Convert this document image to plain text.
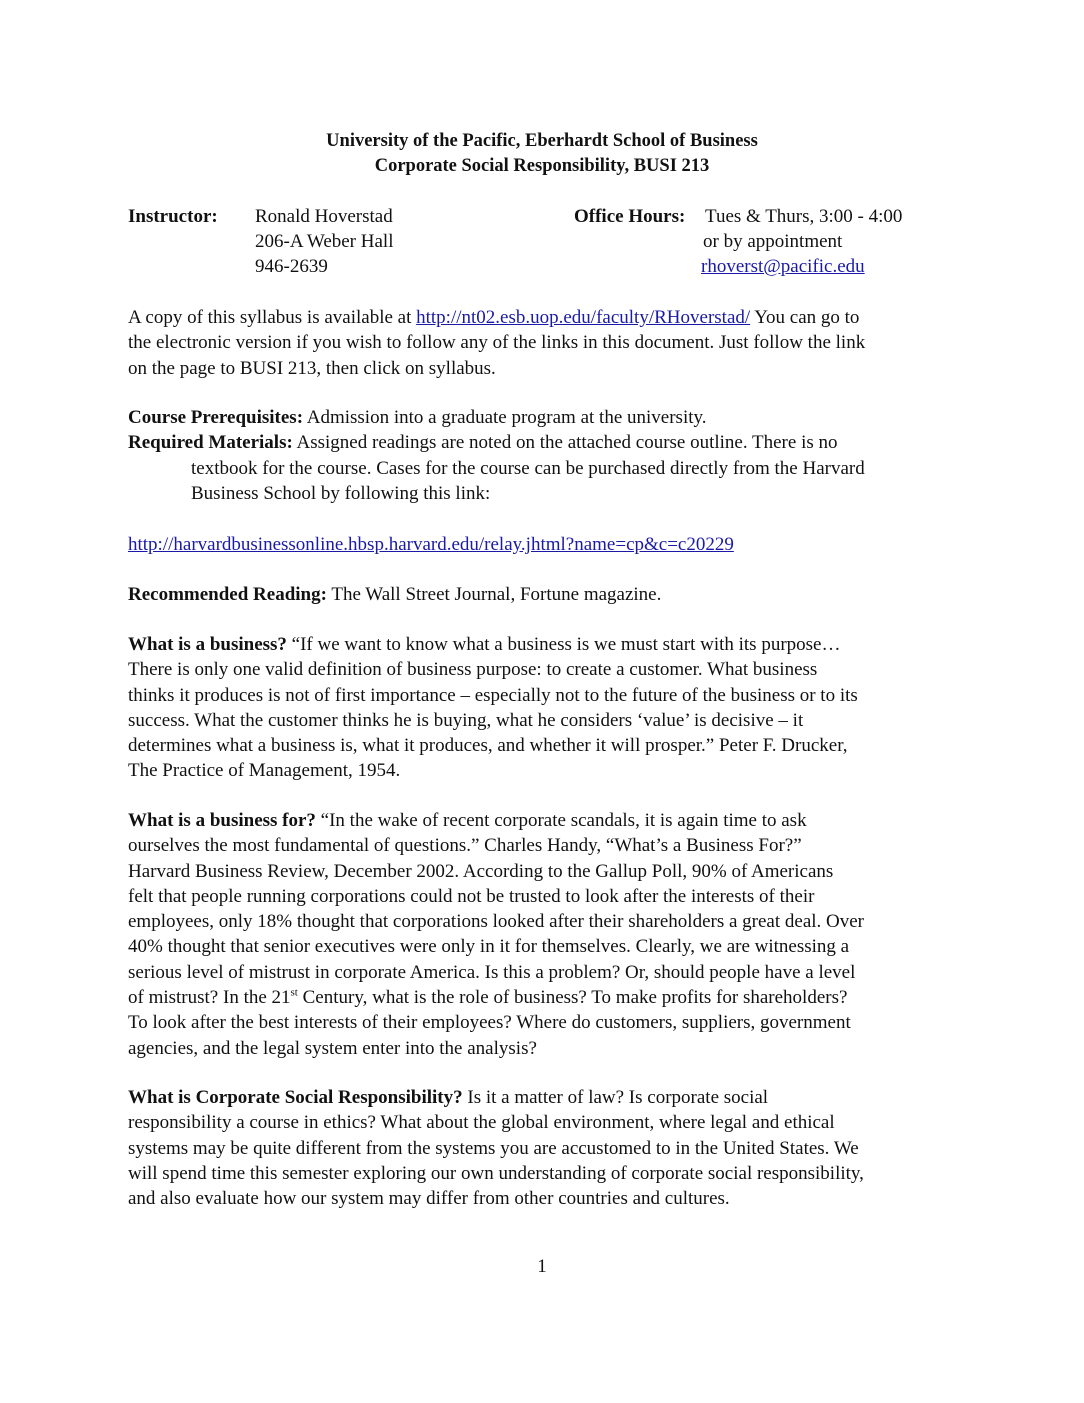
University of the Pacific, Eberhardt School of Business
Corporate Social Responsibility, BUSI 213
Instructor: Ronald Hoverstad
206-A Weber Hall
946-2639
Office Hours: Tues & Thurs, 3:00 - 4:00
or by appointment
rhoverst@pacific.edu
A copy of this syllabus is available at http://nt02.esb.uop.edu/faculty/RHoverstad/ You can go to
the electronic version if you wish to follow any of the links in this document. Just follow the link
on the page to BUSI 213, then click on syllabus.
Course Prerequisites: Admission into a graduate program at the university.
Required Materials: Assigned readings are noted on the attached course outline. There is no
textbook for the course. Cases for the course can be purchased directly from the Harvard
Business School by following this link:
http://harvardbusinessonline.hbsp.harvard.edu/relay.jhtml?name=cp&c=c20229
Recommended Reading: The Wall Street Journal, Fortune magazine.
What is a business? “If we want to know what a business is we must start with its purpose…
There is only one valid definition of business purpose: to create a customer. What business
thinks it produces is not of first importance – especially not to the future of the business or to its
success. What the customer thinks he is buying, what he considers ‘value’ is decisive – it
determines what a business is, what it produces, and whether it will prosper.” Peter F. Drucker,
The Practice of Management, 1954.
What is a business for? “In the wake of recent corporate scandals, it is again time to ask
ourselves the most fundamental of questions.” Charles Handy, “What’s a Business For?”
Harvard Business Review, December 2002. According to the Gallup Poll, 90% of Americans
felt that people running corporations could not be trusted to look after the interests of their
employees, only 18% thought that corporations looked after their shareholders a great deal. Over
40% thought that senior executives were only in it for themselves. Clearly, we are witnessing a
serious level of mistrust in corporate America. Is this a problem? Or, should people have a level
of mistrust? In the 21st Century, what is the role of business? To make profits for shareholders?
To look after the best interests of their employees? Where do customers, suppliers, government
agencies, and the legal system enter into the analysis?
What is Corporate Social Responsibility? Is it a matter of law? Is corporate social
responsibility a course in ethics? What about the global environment, where legal and ethical
systems may be quite different from the systems you are accustomed to in the United States. We
will spend time this semester exploring our own understanding of corporate social responsibility,
and also evaluate how our system may differ from other countries and cultures.
1
